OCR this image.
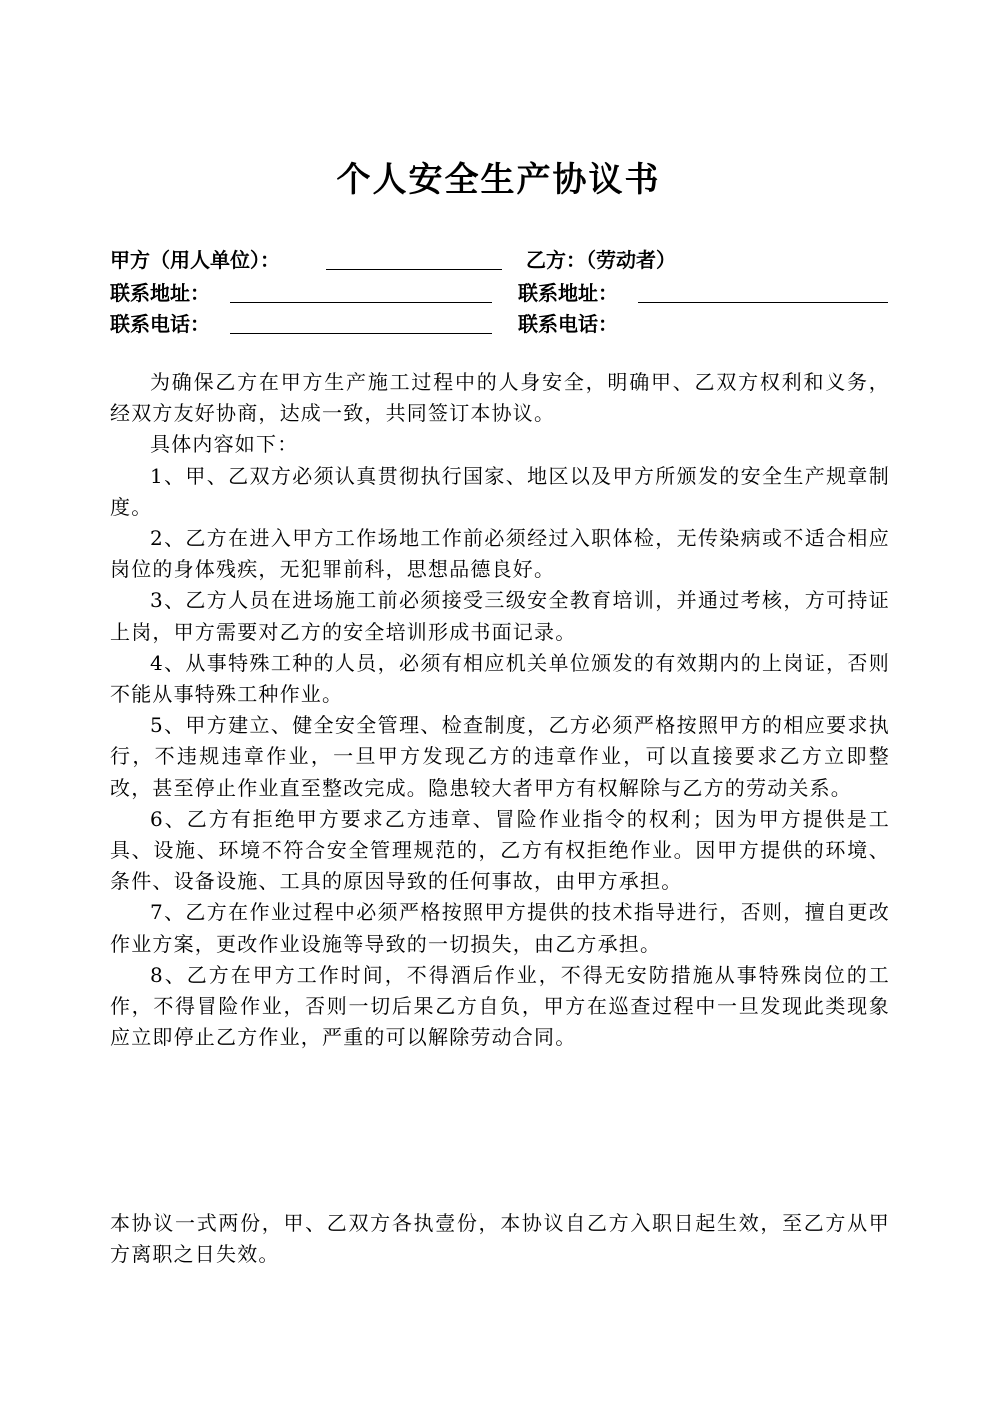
个人安全生产协议书
甲方（用人单位）：	乙方：（劳动者）
联系地址：	联系地址：
联系电话：	联系电话：

为确保乙方在甲方生产施工过程中的人身安全，明确甲、乙双方权利和义务，经双方友好协商，达成一致，共同签订本协议。

具体内容如下：

1、甲、乙双方必须认真贯彻执行国家、地区以及甲方所颁发的安全生产规章制度。

2、乙方在进入甲方工作场地工作前必须经过入职体检，无传染病或不适合相应岗位的身体残疾，无犯罪前科，思想品德良好。

3、乙方人员在进场施工前必须接受三级安全教育培训，并通过考核，方可持证上岗，甲方需要对乙方的安全培训形成书面记录。

4、从事特殊工种的人员，必须有相应机关单位颁发的有效期内的上岗证，否则不能从事特殊工种作业。

5、甲方建立、健全安全管理、检查制度，乙方必须严格按照甲方的相应要求执行，不违规违章作业，一旦甲方发现乙方的违章作业，可以直接要求乙方立即整改，甚至停止作业直至整改完成。隐患较大者甲方有权解除与乙方的劳动关系。

6、乙方有拒绝甲方要求乙方违章、冒险作业指令的权利；因为甲方提供是工具、设施、环境不符合安全管理规范的，乙方有权拒绝作业。因甲方提供的环境、条件、设备设施、工具的原因导致的任何事故，由甲方承担。

7、乙方在作业过程中必须严格按照甲方提供的技术指导进行，否则，擅自更改作业方案，更改作业设施等导致的一切损失，由乙方承担。

8、乙方在甲方工作时间，不得酒后作业，不得无安防措施从事特殊岗位的工作，不得冒险作业，否则一切后果乙方自负，甲方在巡查过程中一旦发现此类现象应立即停止乙方作业，严重的可以解除劳动合同。

本协议一式两份，甲、乙双方各执壹份，本协议自乙方入职日起生效，至乙方从甲方离职之日失效。
